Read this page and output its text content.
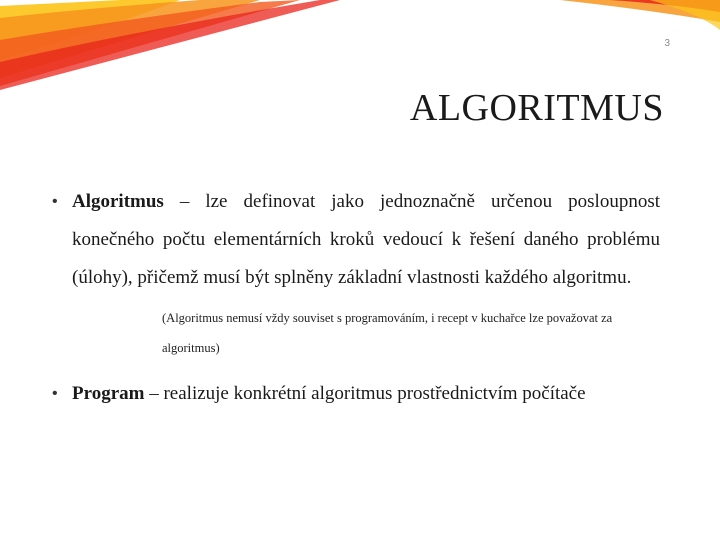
3
ALGORITMUS
• Algoritmus – lze definovat jako jednoznačně určenou posloupnost konečného počtu elementárních kroků vedoucí k řešení daného problému (úlohy), přičemž musí být splněny základní vlastnosti každého algoritmu.
(Algoritmus nemusí vždy souviset s programováním, i recept v kuchařce lze považovat za algoritmus)
• Program – realizuje konkrétní algoritmus prostřednictvím počítače
